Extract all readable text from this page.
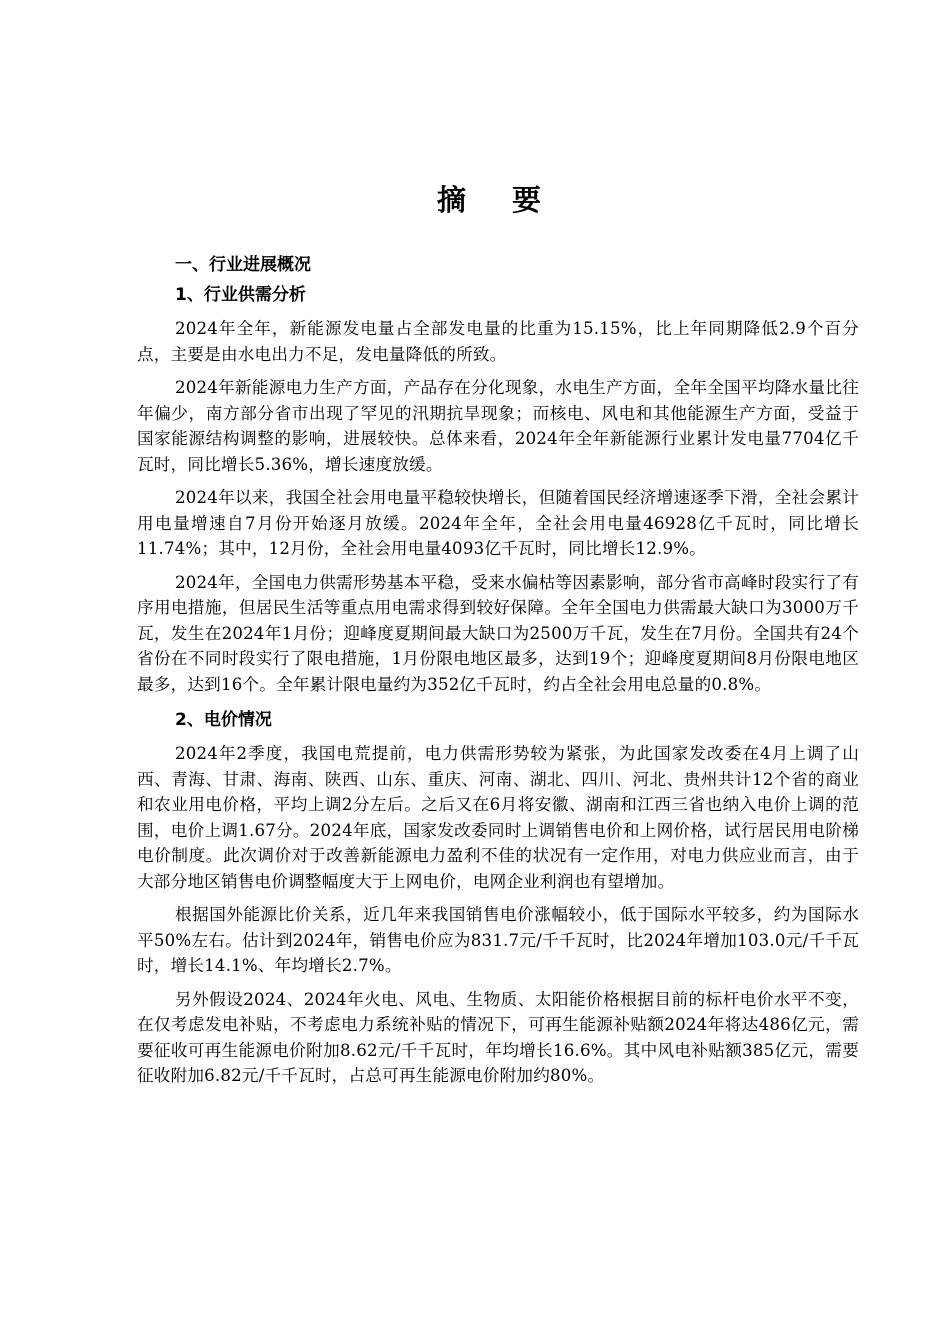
摘 要

一、行业进展概况

1、行业供需分析

2024年全年，新能源发电量占全部发电量的比重为15.15%，比上年同期降低2.9个百分点，主要是由水电出力不足，发电量降低的所致。

2024年新能源电力生产方面，产品存在分化现象，水电生产方面，全年全国平均降水量比往年偏少，南方部分省市出现了罕见的汛期抗旱现象；而核电、风电和其他能源生产方面，受益于国家能源结构调整的影响，进展较快。总体来看，2024年全年新能源行业累计发电量7704亿千瓦时，同比增长5.36%，增长速度放缓。

2024年以来，我国全社会用电量平稳较快增长，但随着国民经济增速逐季下滑，全社会累计用电量增速自7月份开始逐月放缓。2024年全年，全社会用电量46928亿千瓦时，同比增长11.74%；其中，12月份，全社会用电量4093亿千瓦时，同比增长12.9%。

2024年，全国电力供需形势基本平稳，受来水偏枯等因素影响，部分省市高峰时段实行了有序用电措施，但居民生活等重点用电需求得到较好保障。全年全国电力供需最大缺口为3000万千瓦，发生在2024年1月份；迎峰度夏期间最大缺口为2500万千瓦，发生在7月份。全国共有24个省份在不同时段实行了限电措施，1月份限电地区最多，达到19个；迎峰度夏期间8月份限电地区最多，达到16个。全年累计限电量约为352亿千瓦时，约占全社会用电总量的0.8%。

2、电价情况

2024年2季度，我国电荒提前，电力供需形势较为紧张，为此国家发改委在4月上调了山西、青海、甘肃、海南、陕西、山东、重庆、河南、湖北、四川、河北、贵州共计12个省的商业和农业用电价格，平均上调2分左后。之后又在6月将安徽、湖南和江西三省也纳入电价上调的范围，电价上调1.67分。2024年底，国家发改委同时上调销售电价和上网价格，试行居民用电阶梯电价制度。此次调价对于改善新能源电力盈利不佳的状况有一定作用，对电力供应业而言，由于大部分地区销售电价调整幅度大于上网电价，电网企业利润也有望增加。

根据国外能源比价关系，近几年来我国销售电价涨幅较小，低于国际水平较多，约为国际水平50%左右。估计到2024年，销售电价应为831.7元/千千瓦时，比2024年增加103.0元/千千瓦时，增长14.1%、年均增长2.7%。

另外假设2024、2024年火电、风电、生物质、太阳能价格根据目前的标杆电价水平不变，在仅考虑发电补贴，不考虑电力系统补贴的情况下，可再生能源补贴额2024年将达486亿元，需要征收可再生能源电价附加8.62元/千千瓦时，年均增长16.6%。其中风电补贴额385亿元，需要征收附加6.82元/千千瓦时，占总可再生能源电价附加约80%。
